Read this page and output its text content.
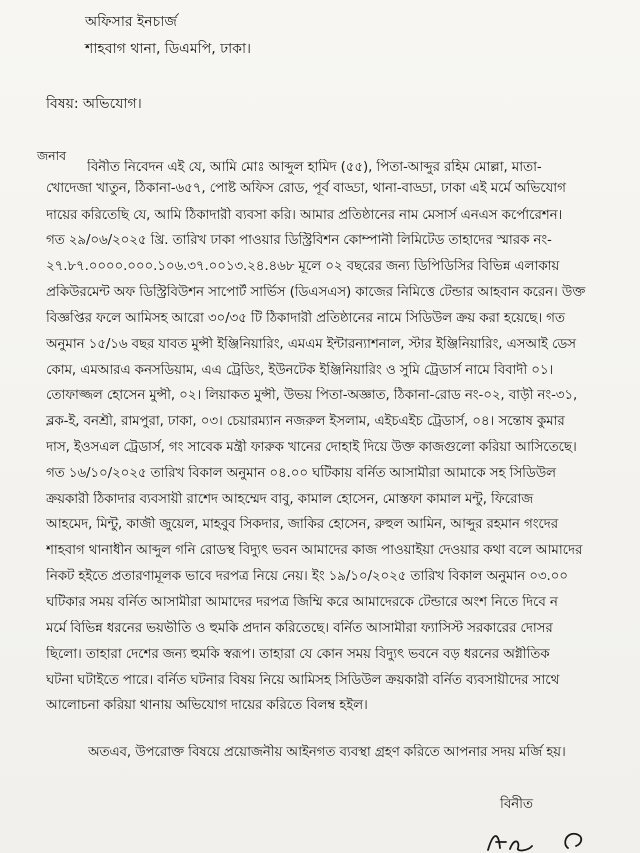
অফিসার ইনচার্জ
শাহবাগ থানা, ডিএমপি, ঢাকা।
বিষয়: অভিযোগ।
জনাব
বিনীত নিবেদন এই যে, আমি মোঃ আব্দুল হামিদ (৫৫), পিতা-আব্দুর রহিম মোল্লা, মাতা-
খোদেজা খাতুন, ঠিকানা-৬৫৭, পোষ্ট অফিস রোড, পূর্ব বাড্ডা, থানা-বাড্ডা, ঢাকা এই মর্মে অভিযোগ
দায়ের করিতেছি যে, আমি ঠিকাদারী ব্যবসা করি। আমার প্রতিষ্ঠানের নাম মেসার্স এনএস কর্পোরেশন।
গত ২৯/০৬/২০২৫ খ্রি. তারিখ ঢাকা পাওয়ার ডিস্ট্রিবিশন কোম্পানী লিমিটেড তাহাদের স্মারক নং-
২৭.৮৭.০০০০.০০০.১০৬.৩৭.০০১৩.২৪.৪৬৮ মূলে ০২ বছরের জন্য ডিপিডিসির বিভিন্ন এলাকায়
প্রকিউরমেন্ট অফ ডিস্ট্রিবিউশন সাপোর্ট সার্ভিস (ডিএসএস) কাজের নিমিত্তে টেন্ডার আহবান করেন। উক্ত
বিজ্ঞপ্তির ফলে আমিসহ আরো ৩০/৩৫ টি ঠিকাদারী প্রতিষ্ঠানের নামে সিডিউল ক্রয় করা হয়েছে। গত
অনুমান ১৫/১৬ বছর যাবত মুন্সী ইঞ্জিনিয়ারিং, এমএম ইন্টারন্যাশনাল, স্টার ইঞ্জিনিয়ারিং, এসআই ডেস
কোম, এমআরএ কনসডিয়াম, এএ ট্রেডিং, ইউনটেক ইঞ্জিনিয়ারিং ও সুমি ট্রেডার্স নামে বিবাদী ০১।
তোফাজ্জল হোসেন মুন্সী, ০২। লিয়াকত মুন্সী, উভয় পিতা-অজ্ঞাত, ঠিকানা-রোড নং-০২, বাড়ী নং-৩১,
ব্লক-ই, বনশ্রী, রামপুরা, ঢাকা, ০৩। চেয়ারম্যান নজরুল ইসলাম, এইচএইচ ট্রেডার্স, ০৪। সন্তোষ কুমার
দাস, ইওসএল ট্রেডার্স, গং সাবেক মন্ত্রী ফারুক খানের দোহাই দিয়ে উক্ত কাজগুলো করিয়া আসিতেছে।
গত ১৬/১০/২০২৫ তারিখ বিকাল অনুমান ০৪.০০ ঘটিকায় বর্নিত আসামীরা আমাকে সহ সিডিউল
ক্রয়কারী ঠিকাদার ব্যবসায়ী রাশেদ আহম্মেদ বাবু, কামাল হোসেন, মোস্তফা কামাল মন্টু, ফিরোজ
আহমেদ, মিন্টু, কাজী জুয়েল, মাহবুব সিকদার, জাকির হোসেন, রুহুল আমিন, আব্দুর রহমান গংদের
শাহবাগ থানাধীন আব্দুল গনি রোডস্থ বিদ্যুৎ ভবন আমাদের কাজ পাওয়াইয়া দেওয়ার কথা বলে আমাদের
নিকট হইতে প্রতারণামূলক ভাবে দরপত্র নিয়ে নেয়। ইং ১৯/১০/২০২৫ তারিখ বিকাল অনুমান ০৩.০০
ঘটিকার সময় বর্নিত আসামীরা আমাদের দরপত্র জিম্মি করে আমাদেরকে টেন্ডারে অংশ নিতে দিবে ন
মর্মে বিভিন্ন ধরনের ভয়ভীতি ও হুমকি প্রদান করিতেছে। বর্নিত আসামীরা ফ্যাসিস্ট সরকারের দোসর
ছিলো। তাহারা দেশের জন্য হুমকি স্বরূপ। তাহারা যে কোন সময় বিদ্যুৎ ভবনে বড় ধরনের অগ্নীতিক
ঘটনা ঘটাইতে পারে। বর্নিত ঘটনার বিষয় নিয়ে আমিসহ সিডিউল ক্রয়কারী বর্নিত ব্যবসায়ীদের সাথে
আলোচনা করিয়া থানায় অভিযোগ দায়ের করিতে বিলম্ব হইল।
অতএব, উপরোক্ত বিষয়ে প্রয়োজনীয় আইনগত ব্যবস্থা গ্রহণ করিতে আপনার সদয় মর্জি হয়।
বিনীত
